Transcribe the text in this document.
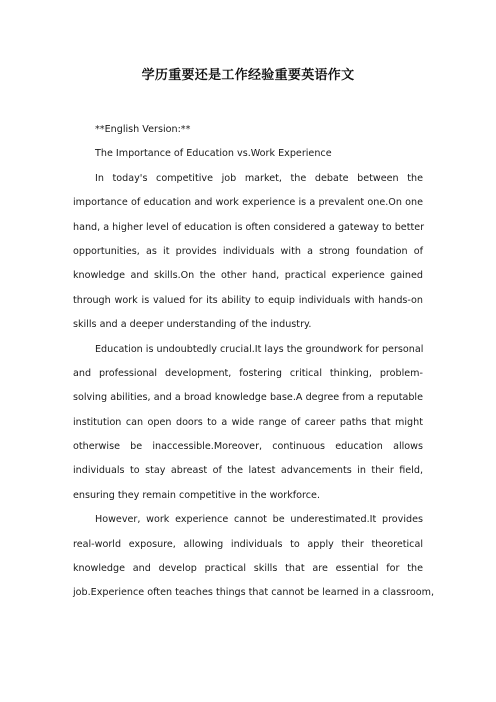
学历重要还是工作经验重要英语作文
**English Version:**
The Importance of Education vs.Work Experience
In today's competitive job market, the debate between the
importance of education and work experience is a prevalent one.On one
hand, a higher level of education is often considered a gateway to better
opportunities, as it provides individuals with a strong foundation of
knowledge and skills.On the other hand, practical experience gained
through work is valued for its ability to equip individuals with hands-on
skills and a deeper understanding of the industry.
Education is undoubtedly crucial.It lays the groundwork for personal
and professional development, fostering critical thinking, problem-
solving abilities, and a broad knowledge base.A degree from a reputable
institution can open doors to a wide range of career paths that might
otherwise be inaccessible.Moreover, continuous education allows
individuals to stay abreast of the latest advancements in their field,
ensuring they remain competitive in the workforce.
However, work experience cannot be underestimated.It provides
real-world exposure, allowing individuals to apply their theoretical
knowledge and develop practical skills that are essential for the
job.Experience often teaches things that cannot be learned in a classroom,
